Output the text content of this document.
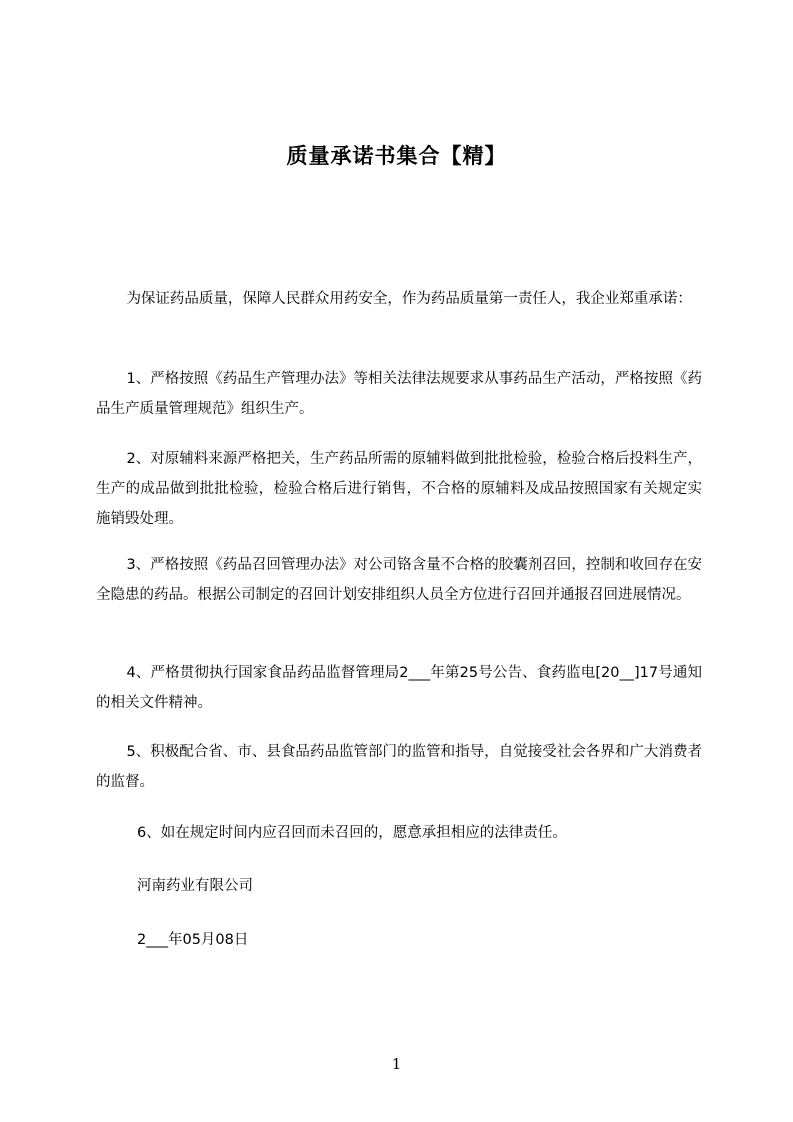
质量承诺书集合【精】

为保证药品质量，保障人民群众用药安全，作为药品质量第一责任人，我企业郑重承诺：

1、严格按照《药品生产管理办法》等相关法律法规要求从事药品生产活动，严格按照《药品生产质量管理规范》组织生产。

2、对原辅料来源严格把关，生产药品所需的原辅料做到批批检验，检验合格后投料生产，生产的成品做到批批检验，检验合格后进行销售，不合格的原辅料及成品按照国家有关规定实施销毁处理。

3、严格按照《药品召回管理办法》对公司铬含量不合格的胶囊剂召回，控制和收回存在安全隐患的药品。根据公司制定的召回计划安排组织人员全方位进行召回并通报召回进展情况。

4、严格贯彻执行国家食品药品监督管理局2___年第25号公告、食药监电[20__]17号通知的相关文件精神。

5、积极配合省、市、县食品药品监管部门的监管和指导，自觉接受社会各界和广大消费者的监督。

6、如在规定时间内应召回而未召回的，愿意承担相应的法律责任。

河南药业有限公司

2___年05月08日

1
